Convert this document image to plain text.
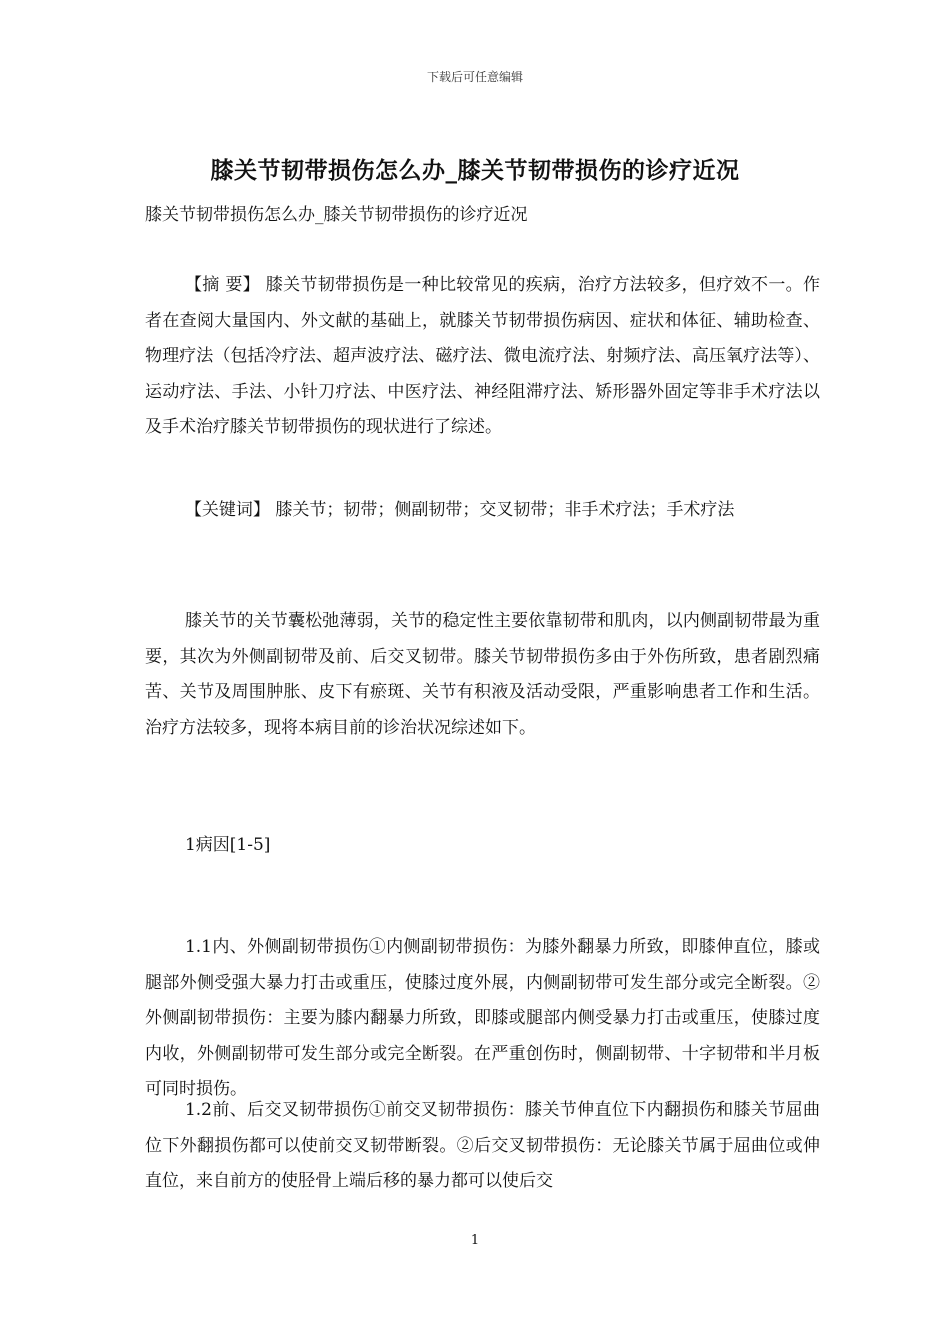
下载后可任意编辑
膝关节韧带损伤怎么办_膝关节韧带损伤的诊疗近况
膝关节韧带损伤怎么办_膝关节韧带损伤的诊疗近况
【摘 要】 膝关节韧带损伤是一种比较常见的疾病，治疗方法较多，但疗效不一。作者在查阅大量国内、外文献的基础上，就膝关节韧带损伤病因、症状和体征、辅助检查、物理疗法（包括冷疗法、超声波疗法、磁疗法、微电流疗法、射频疗法、高压氧疗法等）、运动疗法、手法、小针刀疗法、中医疗法、神经阻滞疗法、矫形器外固定等非手术疗法以及手术治疗膝关节韧带损伤的现状进行了综述。
【关键词】 膝关节；韧带；侧副韧带；交叉韧带；非手术疗法；手术疗法
膝关节的关节囊松弛薄弱，关节的稳定性主要依靠韧带和肌肉，以内侧副韧带最为重要，其次为外侧副韧带及前、后交叉韧带。膝关节韧带损伤多由于外伤所致，患者剧烈痛苦、关节及周围肿胀、皮下有瘀斑、关节有积液及活动受限，严重影响患者工作和生活。治疗方法较多，现将本病目前的诊治状况综述如下。
1病因[1-5]
1.1内、外侧副韧带损伤①内侧副韧带损伤：为膝外翻暴力所致，即膝伸直位，膝或腿部外侧受强大暴力打击或重压，使膝过度外展，内侧副韧带可发生部分或完全断裂。②外侧副韧带损伤：主要为膝内翻暴力所致，即膝或腿部内侧受暴力打击或重压，使膝过度内收，外侧副韧带可发生部分或完全断裂。在严重创伤时，侧副韧带、十字韧带和半月板可同时损伤。
1.2前、后交叉韧带损伤①前交叉韧带损伤：膝关节伸直位下内翻损伤和膝关节屈曲位下外翻损伤都可以使前交叉韧带断裂。②后交叉韧带损伤：无论膝关节属于屈曲位或伸直位，来自前方的使胫骨上端后移的暴力都可以使后交
1
